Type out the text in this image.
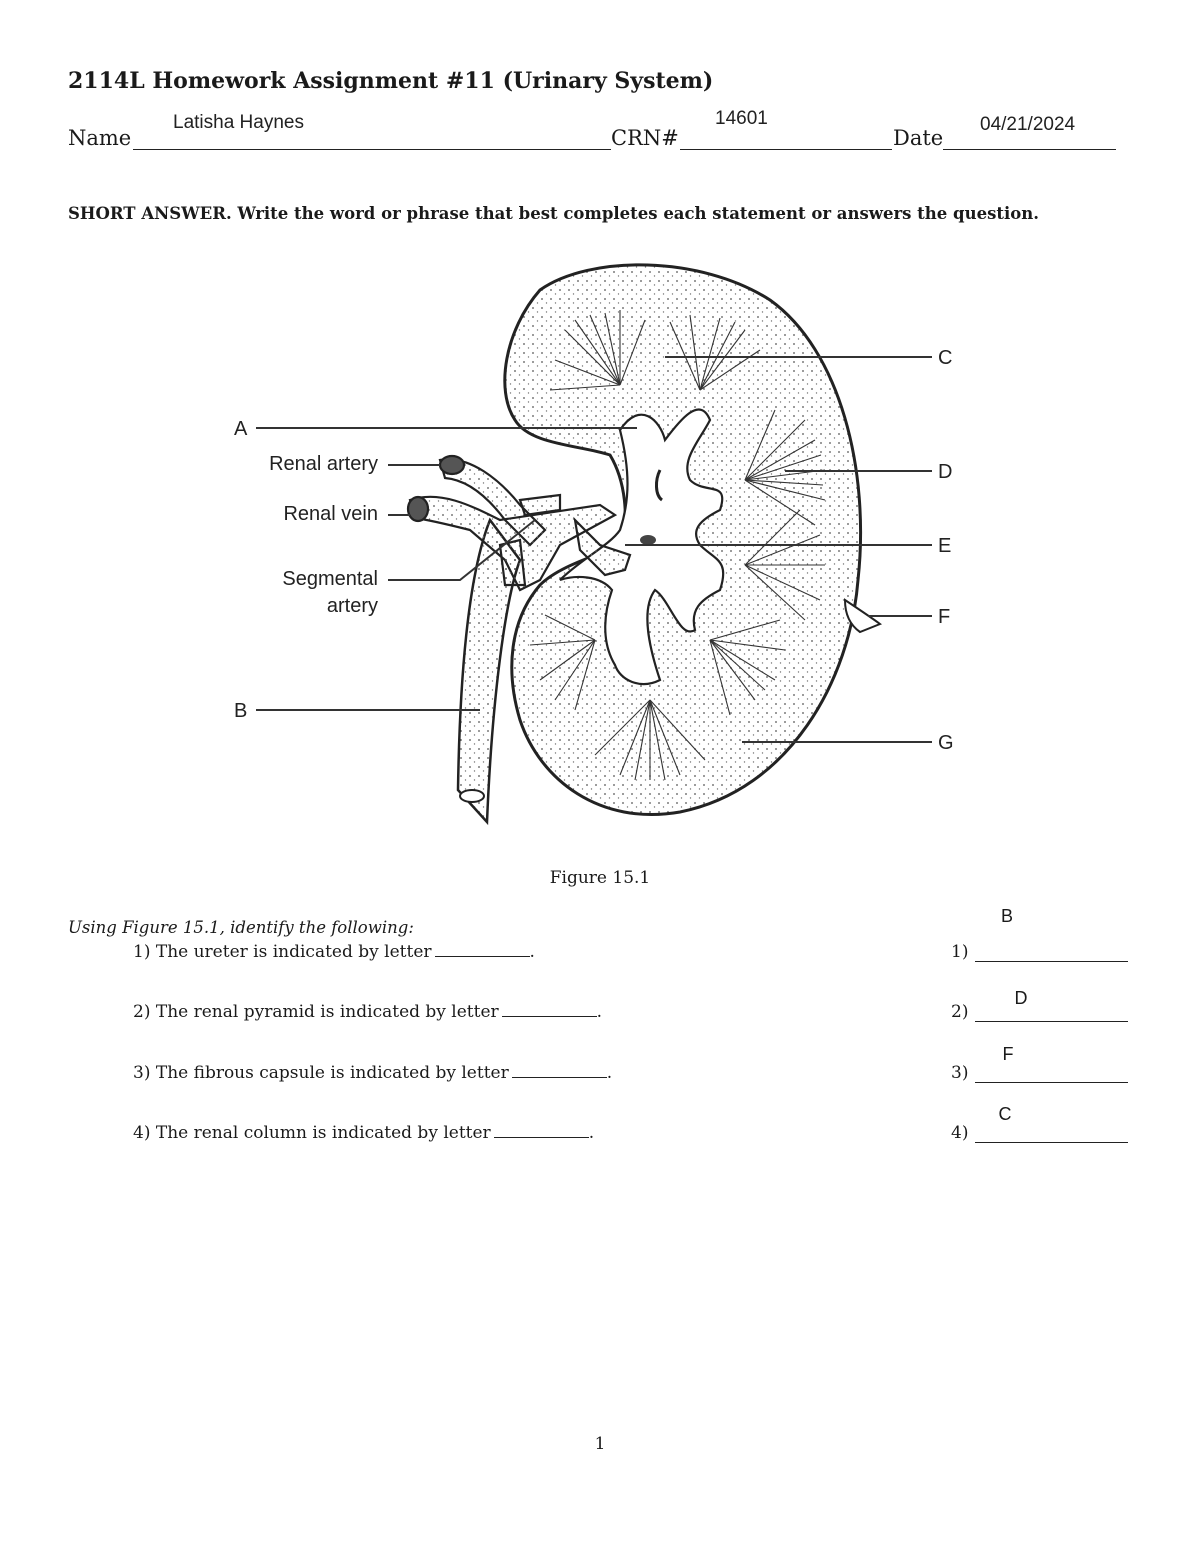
2114L Homework Assignment #11 (Urinary System)
Name
Latisha Haynes
CRN#
14601
Date
04/21/2024
SHORT ANSWER. Write the word or phrase that best completes each statement or answers the question.
A
B
C
D
E
F
G
Renal artery
Renal vein
Segmental
artery
Figure 15.1
Using Figure 15.1, identify the following:
1) The ureter is indicated by letter	.
2) The renal pyramid is indicated by letter	.
3) The fibrous capsule is indicated by letter	.
4) The renal column is indicated by letter	.
1)
B
2)
D
3)
F
4)
C
1
